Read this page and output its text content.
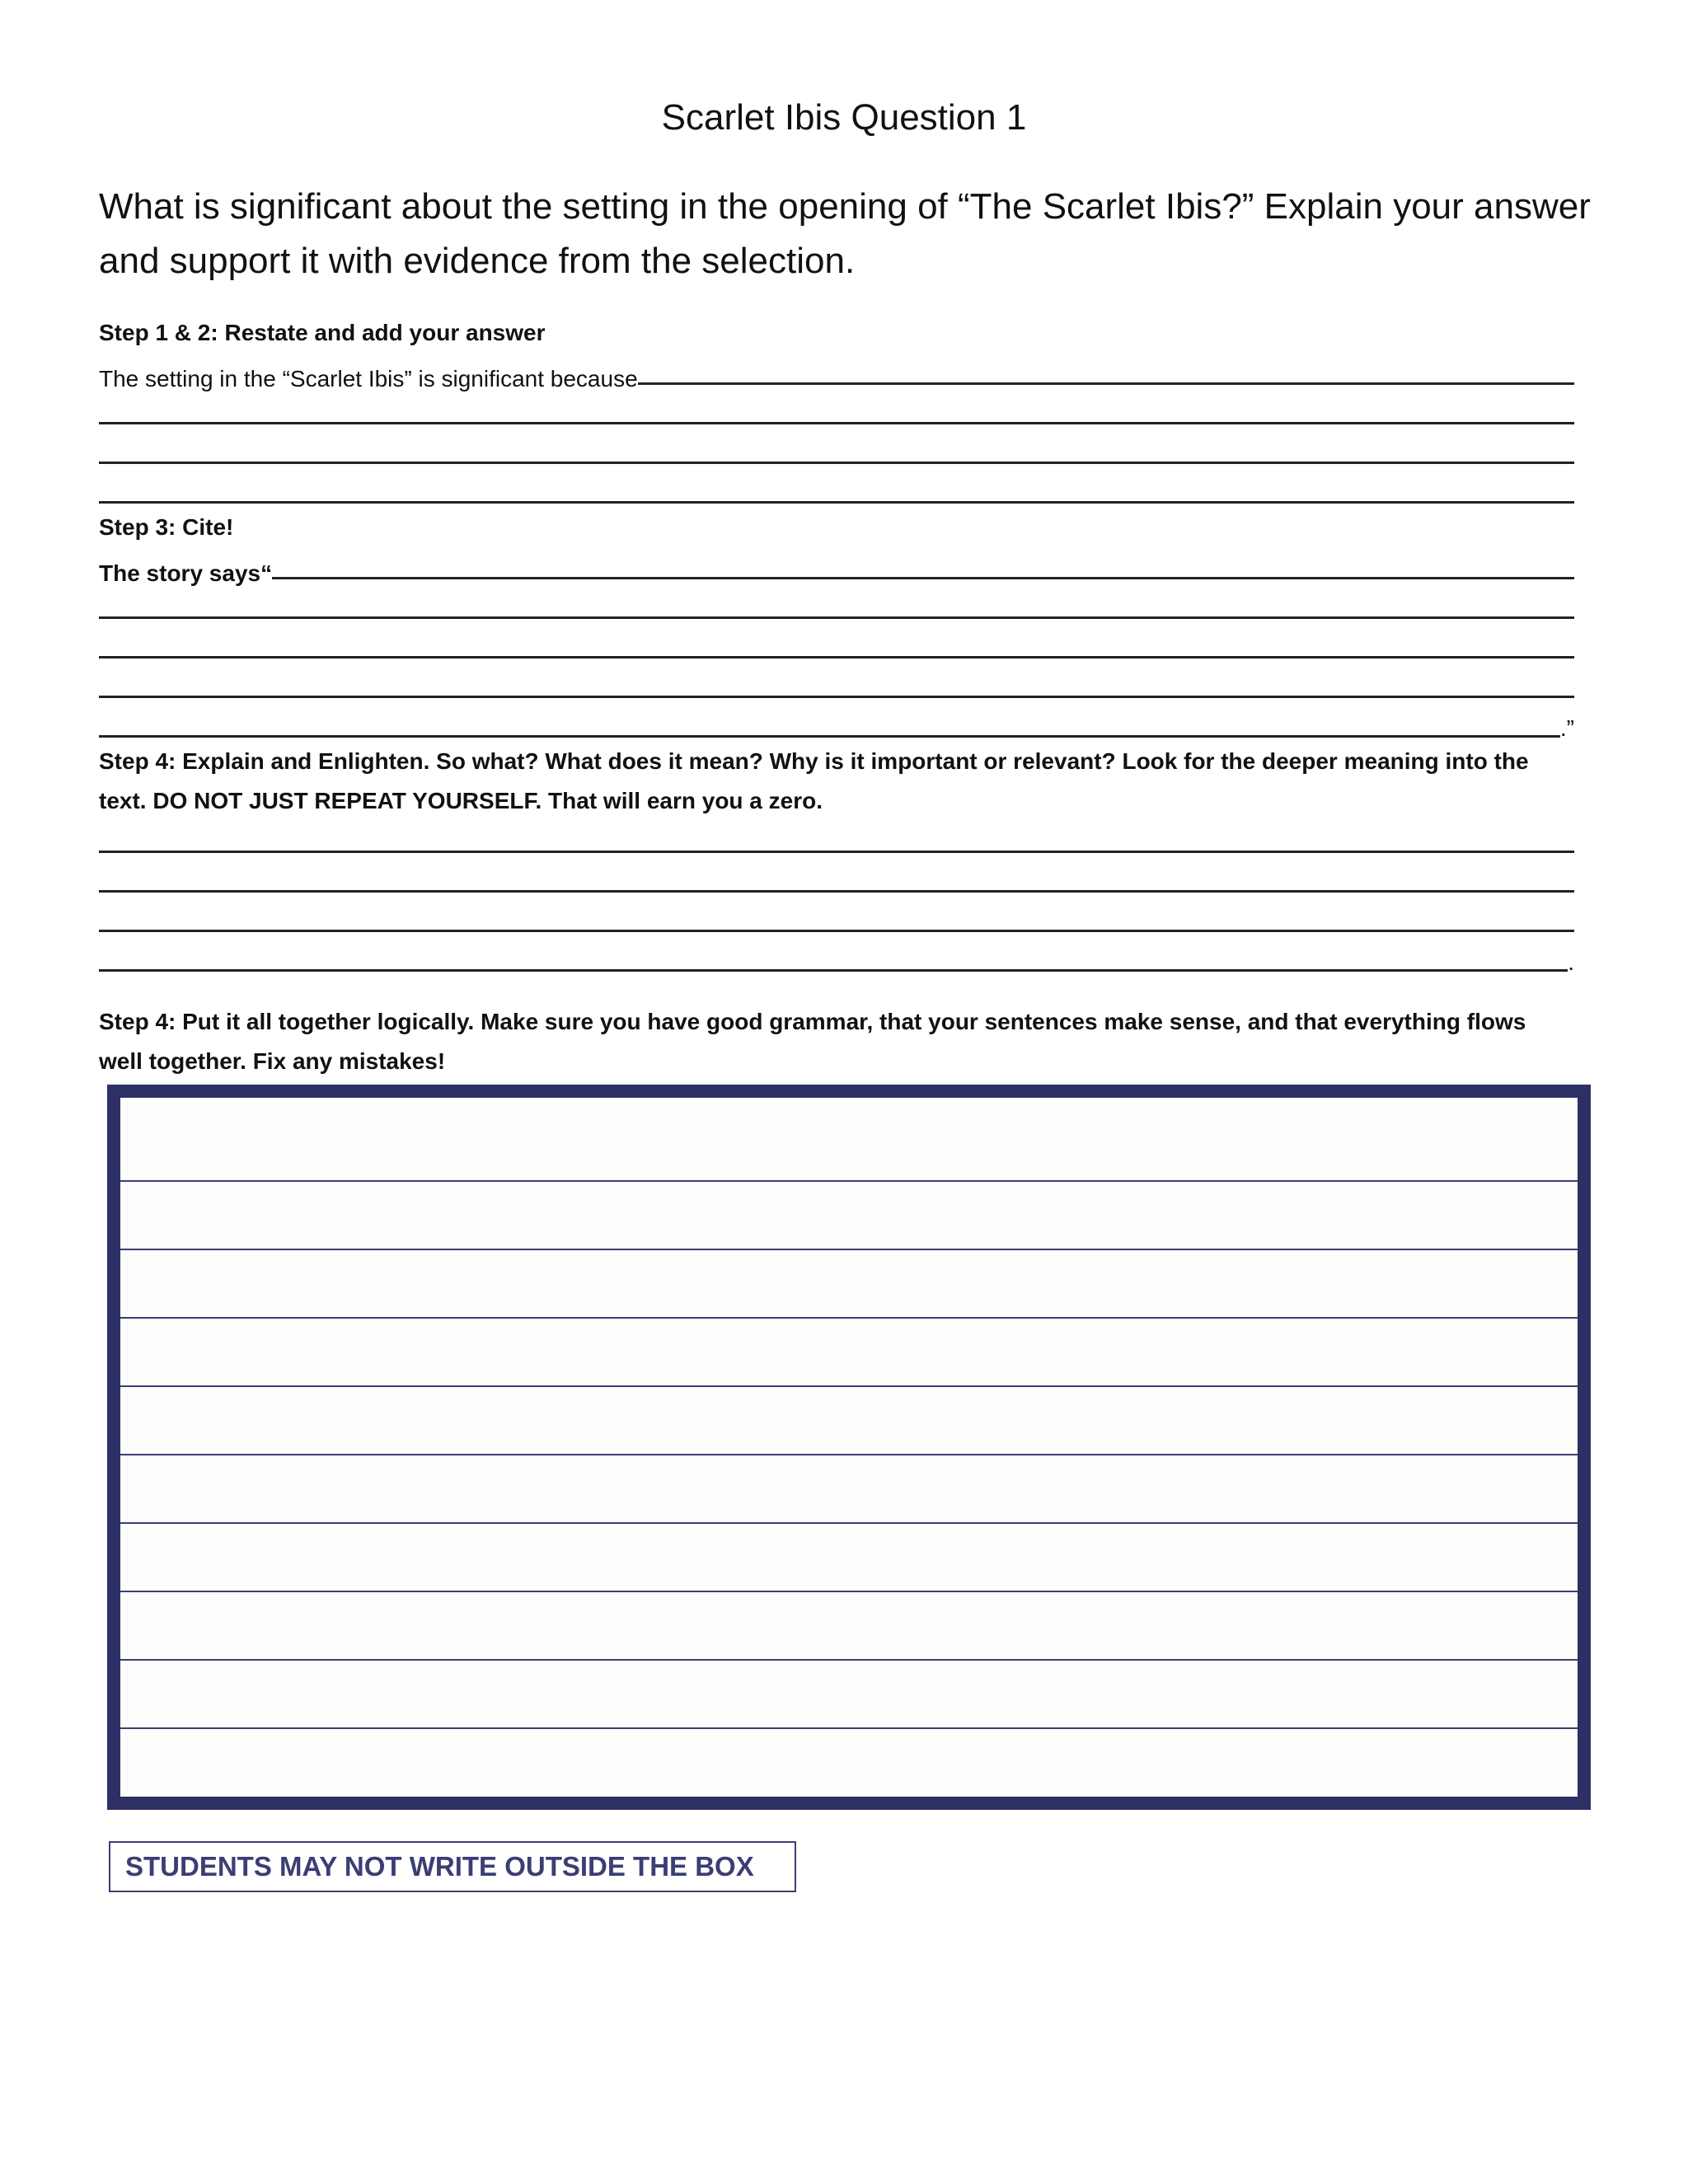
Scarlet Ibis Question 1
What is significant about the setting in the opening of “The Scarlet Ibis?” Explain your answer and support it with evidence from the selection.
Step 1 & 2: Restate and add your answer
The setting in the “Scarlet Ibis” is significant because
Step 3: Cite!
The story says“
.”
Step 4: Explain and Enlighten. So what? What does it mean? Why is it important or relevant? Look for the deeper meaning into the text. DO NOT JUST REPEAT YOURSELF. That will earn you a zero.
.
Step 4: Put it all together logically. Make sure you have good grammar, that your sentences make sense, and that everything flows well together. Fix any mistakes!
STUDENTS MAY NOT WRITE OUTSIDE THE BOX
